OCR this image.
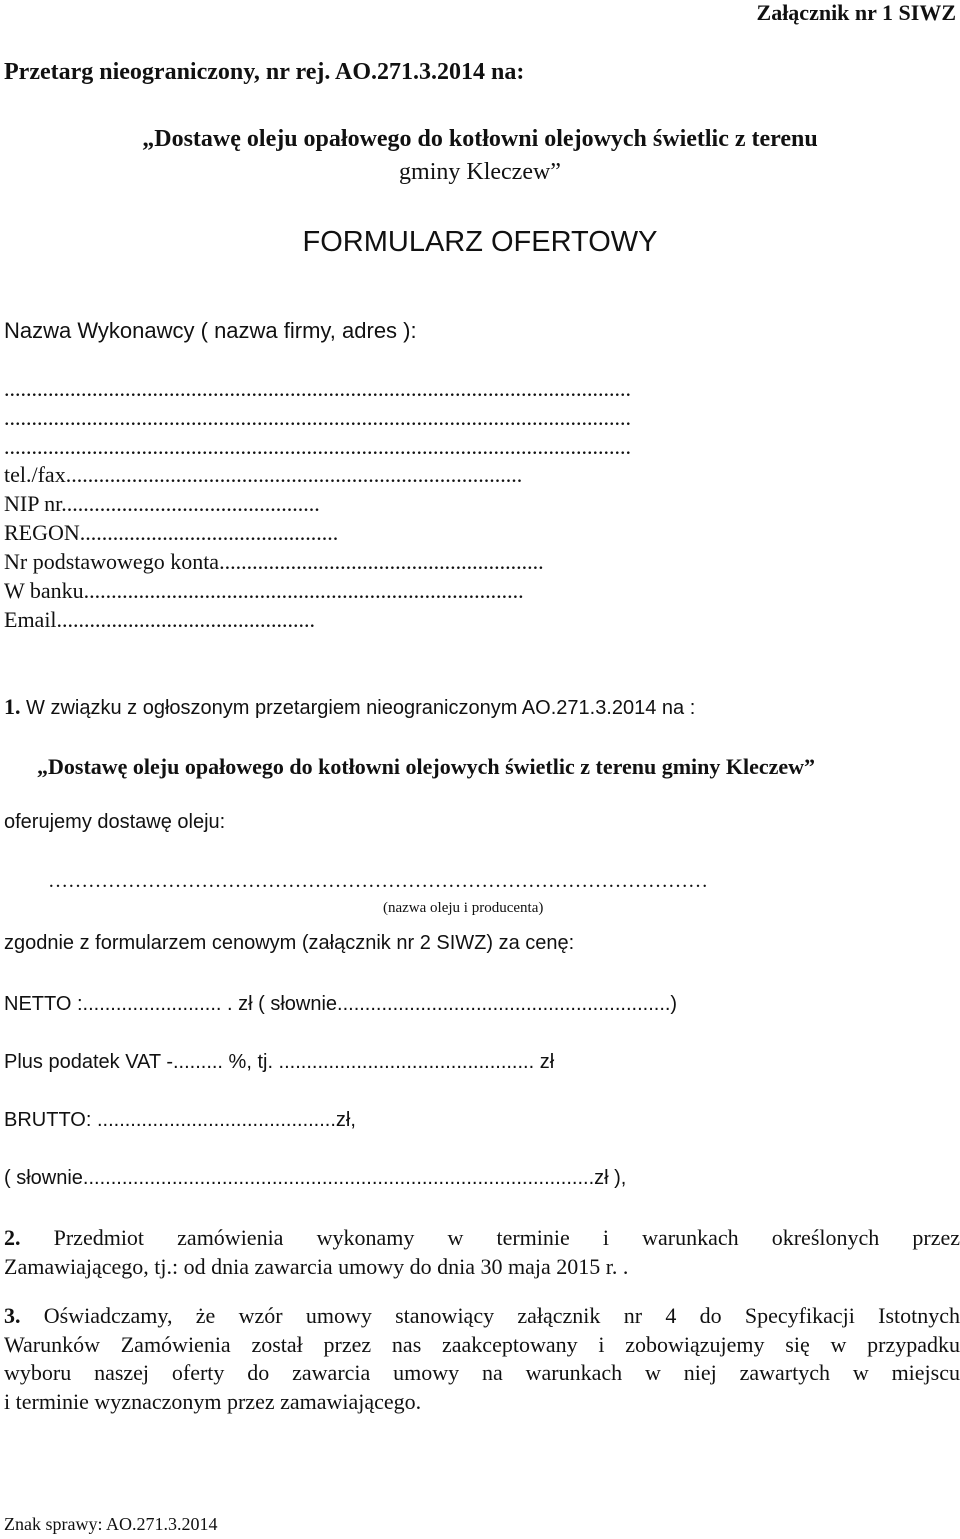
Załącznik nr 1 SIWZ
Przetarg nieograniczony, nr rej. AO.271.3.2014 na:
„Dostawę oleju opałowego do kotłowni olejowych świetlic z terenu
gminy Kleczew”
FORMULARZ OFERTOWY
Nazwa Wykonawcy ( nazwa firmy, adres ):
..................................................................................................................
..................................................................................................................
..................................................................................................................
tel./fax...................................................................................
NIP nr...............................................
REGON...............................................
Nr podstawowego konta...........................................................
W banku................................................................................
Email...............................................
1. W związku z ogłoszonym przetargiem nieograniczonym AO.271.3.2014 na :
„Dostawę oleju opałowego do kotłowni olejowych świetlic z terenu gminy Kleczew”
oferujemy dostawę oleju:
………………………………………………………………………………………
(nazwa oleju i producenta)
zgodnie z formularzem cenowym (załącznik nr 2 SIWZ) za cenę:
NETTO :......................... . zł ( słownie............................................................)
Plus podatek VAT -......... %, tj. .............................................. zł
BRUTTO: ...........................................zł,
( słownie............................................................................................zł ),
2. Przedmiot zamówienia wykonamy w terminie i warunkach określonych przez
Zamawiającego, tj.: od dnia zawarcia umowy do dnia 30 maja 2015 r. .
3. Oświadczamy, że wzór umowy stanowiący załącznik nr 4 do Specyfikacji Istotnych
Warunków Zamówienia został przez nas zaakceptowany i zobowiązujemy się w przypadku
wyboru naszej oferty do zawarcia umowy na warunkach w niej zawartych w miejscu
i terminie wyznaczonym przez zamawiającego.
Znak sprawy: AO.271.3.2014
